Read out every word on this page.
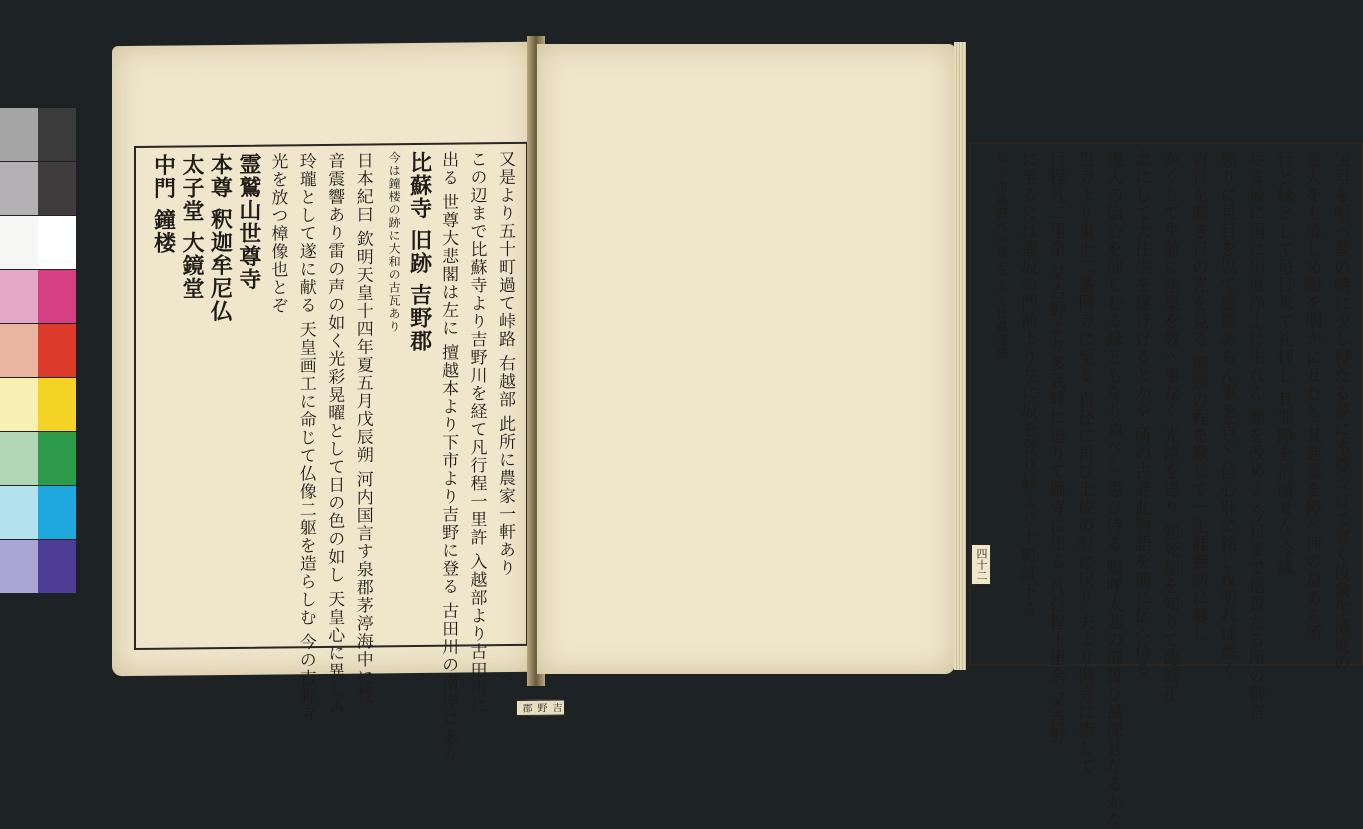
吉野郡
又是より五十町過て峠路 右越部 此所に農家一軒あり
この辺まで比蘇寺より吉野川を経て凡行程一里許 入越部より古田川に
出る 世尊大悲閣は左に 擅越本より下市より吉野に登る 古田川の南岸にあり
比蘇寺 旧跡 吉野郡
今は鐘楼の跡に大和の古瓦あり
日本紀曰 欽明天皇十四年夏五月戊辰朔 河内国言す泉郡茅渟海中に梵
音震響あり雷の声の如く光彩晃曜として日の色の如し 天皇心に異しみ
玲瓏として遂に献る 天皇画工に命じて仏像二躯を造らしむ 今の吉野寺
光を放つ樟像也とぞ
霊鷲山世尊寺
本尊 釈迦牟尼仏
太子堂 大鏡堂
中門 鐘楼
四十二	宝号を唱へ夢の暁に少し寝たる夢に本尊つげて宣く汝衆生済度の
盲人をも成しめ眼を明かにせむと 其悪業を障へ何の益ある所
行と縁として毎日来て礼拝し 其罪障を消滅せん 今縁
尽る後に国に出度浄土に生れん 悪を改めよ 今日まで捨置たる所の御言
頻りに見目を以て感應あらん事を告ぐ 信心肝に銘じ夜明れば悉く
盲目を開き日の光を見る 御恩の程を歎じて一生涯無病に暮し
かくして生前に産業を教へ事なく 光陰を送り 知死期を知りて臨終正
念にして大往生を遂げけるとかや 所の古老此物語を前に伝へ侍る
後人の信心を催しむる縁ともなりぬべし 思ひ侍る 嗚呼大悲の御誓ひ最深甚なるかな
当寺より東十二番岡寺に至る 直径に再び土佐の町に戻り 夫より岡寺に詣して
行程凡二里余 又吉野より多武峰に廻りて岡寺に出る 凡行程十里余 又吉野
に至るには壷坂の門前より左に坂を登り峠より十町許下る
右 下市高野への道 左 ふく比蘇寺道
